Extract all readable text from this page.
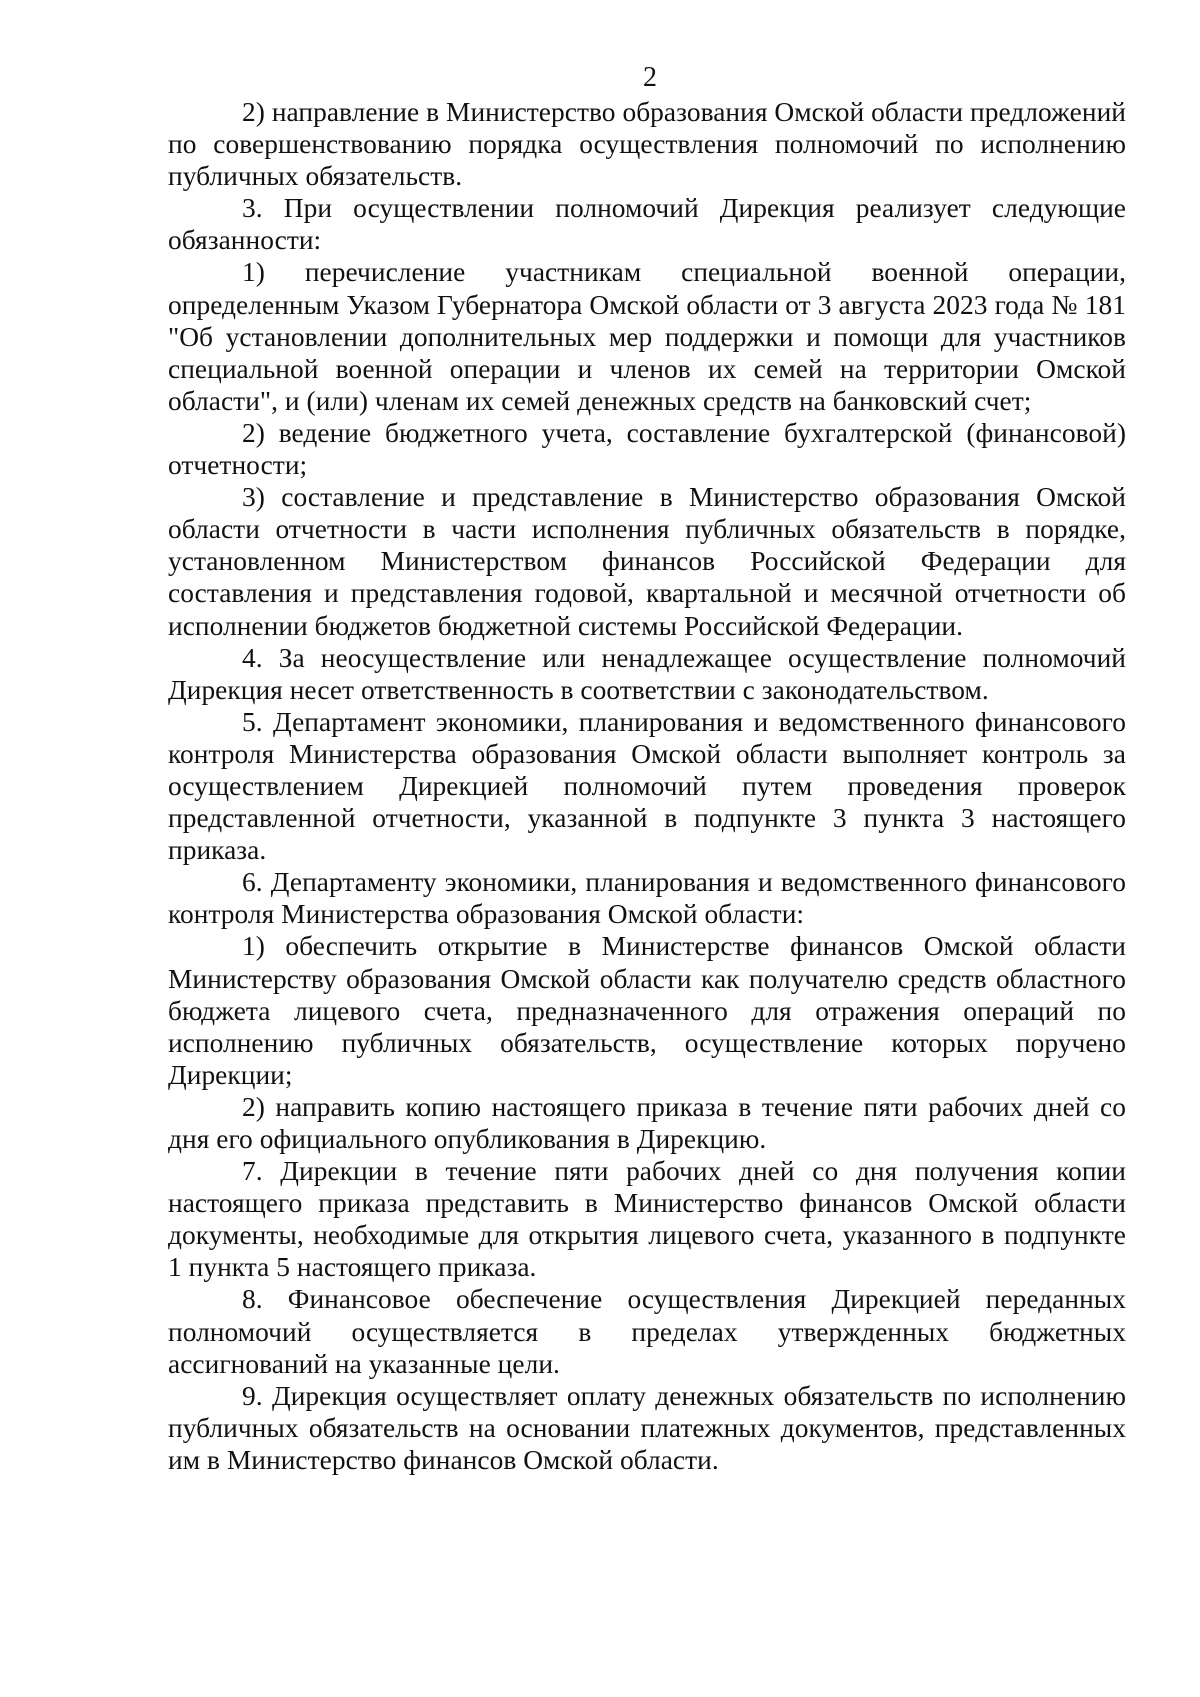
2

2) направление в Министерство образования Омской области предложений по совершенствованию порядка осуществления полномочий по исполнению публичных обязательств.

3. При осуществлении полномочий Дирекция реализует следующие обязанности:

1) перечисление участникам специальной военной операции, определенным Указом Губернатора Омской области от 3 августа 2023 года № 181 "Об установлении дополнительных мер поддержки и помощи для участников специальной военной операции и членов их семей на территории Омской области", и (или) членам их семей денежных средств на банковский счет;

2) ведение бюджетного учета, составление бухгалтерской (финансовой) отчетности;

3) составление и представление в Министерство образования Омской области отчетности в части исполнения публичных обязательств в порядке, установленном Министерством финансов Российской Федерации для составления и представления годовой, квартальной и месячной отчетности об исполнении бюджетов бюджетной системы Российской Федерации.

4. За неосуществление или ненадлежащее осуществление полномочий Дирекция несет ответственность в соответствии с законодательством.

5. Департамент экономики, планирования и ведомственного финансового контроля Министерства образования Омской области выполняет контроль за осуществлением Дирекцией полномочий путем проведения проверок представленной отчетности, указанной в подпункте 3 пункта 3 настоящего приказа.

6. Департаменту экономики, планирования и ведомственного финансового контроля Министерства образования Омской области:

1) обеспечить открытие в Министерстве финансов Омской области Министерству образования Омской области как получателю средств областного бюджета лицевого счета, предназначенного для отражения операций по исполнению публичных обязательств, осуществление которых поручено Дирекции;

2) направить копию настоящего приказа в течение пяти рабочих дней со дня его официального опубликования в Дирекцию.

7. Дирекции в течение пяти рабочих дней со дня получения копии настоящего приказа представить в Министерство финансов Омской области документы, необходимые для открытия лицевого счета, указанного в подпункте 1 пункта 5 настоящего приказа.

8. Финансовое обеспечение осуществления Дирекцией переданных полномочий осуществляется в пределах утвержденных бюджетных ассигнований на указанные цели.

9. Дирекция осуществляет оплату денежных обязательств по исполнению публичных обязательств на основании платежных документов, представленных им в Министерство финансов Омской области.
